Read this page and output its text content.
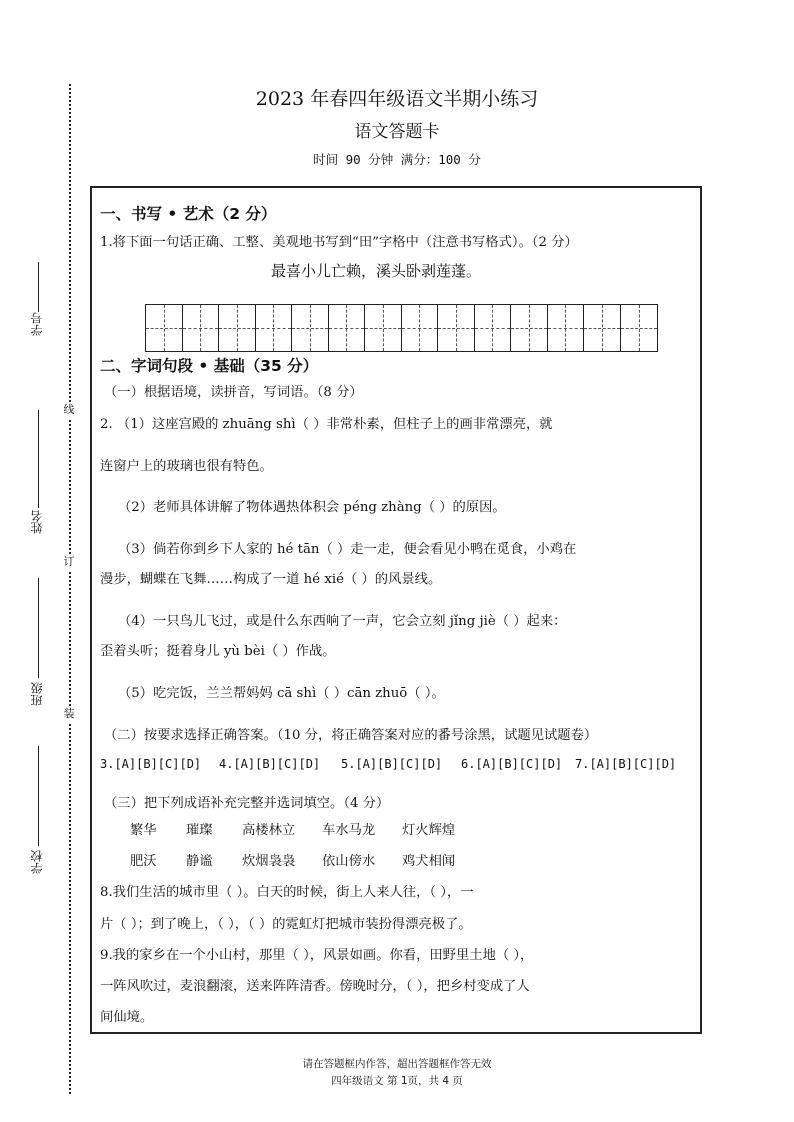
线
订
装
学号
姓名
班级
学校
2023 年春四年级语文半期小练习
语文答题卡
时间 90 分钟 满分：100 分
一、书写 • 艺术（2 分）
1.将下面一句话正确、工整、美观地书写到“田”字格中（注意书写格式）。（2 分）
最喜小儿亡赖，溪头卧剥莲蓬。
二、字词句段 • 基础（35 分）
（一）根据语境，读拼音，写词语。（8 分）
2. （1）这座宫殿的 zhuāng shì（ ）非常朴素，但柱子上的画非常漂亮，就
连窗户上的玻璃也很有特色。
（2）老师具体讲解了物体遇热体积会 péng zhàng（ ）的原因。
（3）倘若你到乡下人家的 hé tān（ ）走一走，便会看见小鸭在觅食，小鸡在
漫步，蝴蝶在飞舞……构成了一道 hé xié（ ）的风景线。
（4）一只鸟儿飞过，或是什么东西响了一声，它会立刻 jǐng jiè（ ）起来：
歪着头听；挺着身儿 yù bèi（ ）作战。
（5）吃完饭，兰兰帮妈妈 cā shì（ ）cān zhuō（ ）。
（二）按要求选择正确答案。（10 分，将正确答案对应的番号涂黑，试题见试题卷）
3.[A][B][C][D] 4.[A][B][C][D] 5.[A][B][C][D] 6.[A][B][C][D] 7.[A][B][C][D]
（三）把下列成语补充完整并选词填空。（4 分）
繁华 璀璨 高楼林立 车水马龙 灯火辉煌
肥沃 静谧 炊烟袅袅 依山傍水 鸡犬相闻
8.我们生活的城市里（ ）。白天的时候，街上人来人往，（ ），一
片（ ）；到了晚上，（ ），（ ）的霓虹灯把城市装扮得漂亮极了。
9.我的家乡在一个小山村，那里（ ），风景如画。你看，田野里土地（ ），
一阵风吹过，麦浪翻滚，送来阵阵清香。傍晚时分，（ ），把乡村变成了人
间仙境。
请在答题框内作答，超出答题框作答无效
四年级语文 第 1页，共 4 页
